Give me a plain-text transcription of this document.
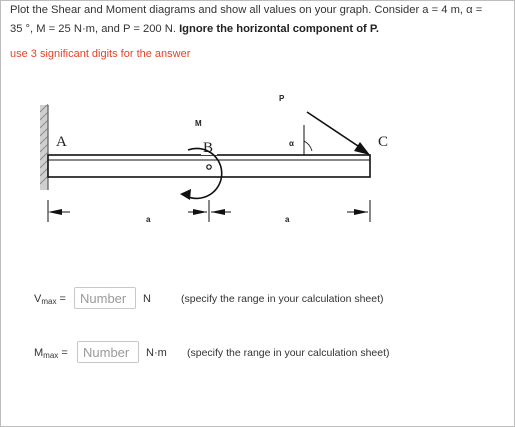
Plot the Shear and Moment diagrams and show all values on your graph. Consider a = 4 m, α =
35 °, M = 25 N·m, and P = 200 N. Ignore the horizontal component of P.
use 3 significant digits for the answer
A	B
M
C
P
α
a	a
$V_{max}$ =
Number	N	(specify the range in your calculation sheet)
$M_{max}$ =
Number	N·m (specify the range in your calculation sheet)
